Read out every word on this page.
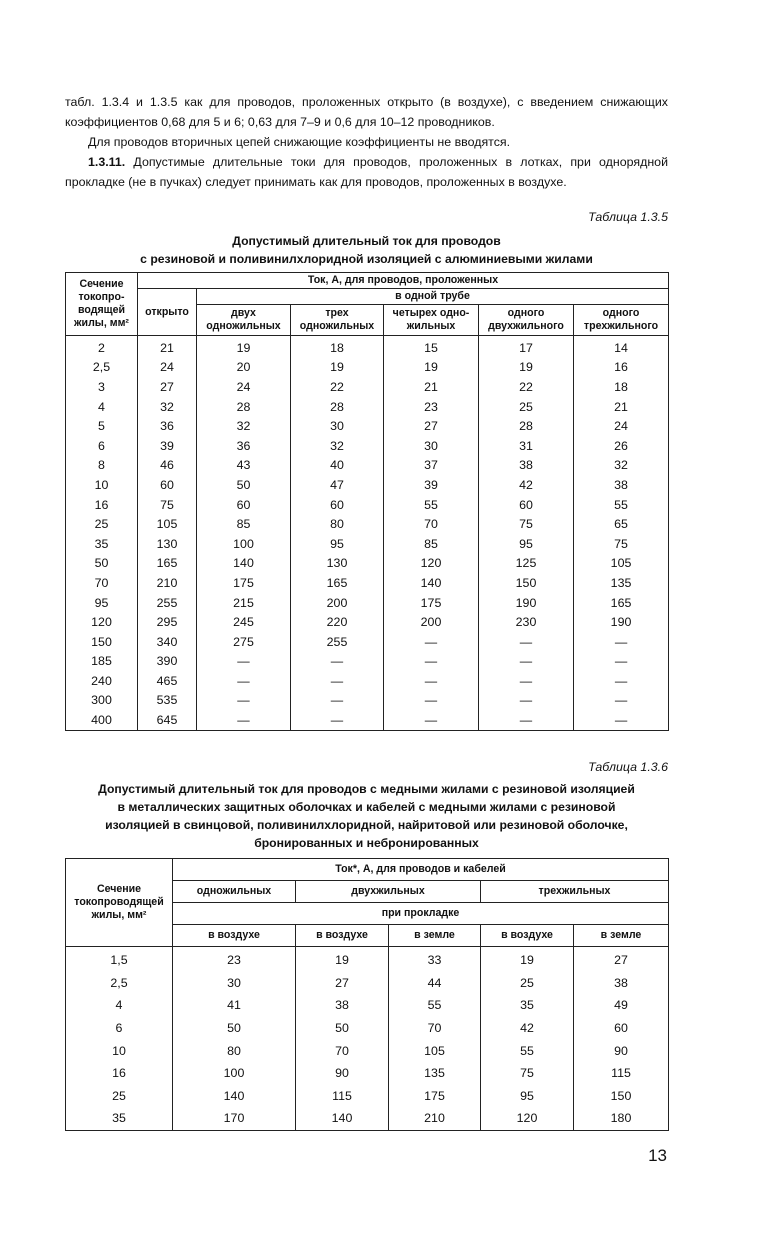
табл. 1.3.4 и 1.3.5 как для проводов, проложенных открыто (в воздухе), с введением снижающих коэффициентов 0,68 для 5 и 6; 0,63 для 7–9 и 0,6 для 10–12 проводников.

Для проводов вторичных цепей снижающие коэффициенты не вводятся.

1.3.11. Допустимые длительные токи для проводов, проложенных в лотках, при однорядной прокладке (не в пучках) следует принимать как для проводов, проложенных в воздухе.

Таблица 1.3.5
Допустимый длительный ток для проводов
с резиновой и поливинилхлоридной изоляцией с алюминиевыми жилами
Сечение токопро-водящей жилы, мм²	Ток, А, для проводов, проложенных					
	открыто	в одной трубе				
		двух одножильных	трех одножильных	четырех одно-жильных	одного двухжильного	одного трехжильного
2	21	19	18	15	17	14
2,5	24	20	19	19	19	16
3	27	24	22	21	22	18
4	32	28	28	23	25	21
5	36	32	30	27	28	24
6	39	36	32	30	31	26
8	46	43	40	37	38	32
10	60	50	47	39	42	38
16	75	60	60	55	60	55
25	105	85	80	70	75	65
35	130	100	95	85	95	75
50	165	140	130	120	125	105
70	210	175	165	140	150	135
95	255	215	200	175	190	165
120	295	245	220	200	230	190
150	340	275	255	—	—	—
185	390	—	—	—	—	—
240	465	—	—	—	—	—
300	535	—	—	—	—	—
400	645	—	—	—	—	—
Таблица 1.3.6
Допустимый длительный ток для проводов с медными жилами с резиновой изоляцией
в металлических защитных оболочках и кабелей с медными жилами с резиновой
изоляцией в свинцовой, поливинилхлоридной, найритовой или резиновой оболочке,
бронированных и небронированных
Сечение токопроводящей жилы, мм²	Ток*, А, для проводов и кабелей				
	одножильных	двухжильных		трехжильных	
	при прокладке				
	в воздухе	в воздухе	в земле	в воздухе	в земле
1,5	23	19	33	19	27
2,5	30	27	44	25	38
4	41	38	55	35	49
6	50	50	70	42	60
10	80	70	105	55	90
16	100	90	135	75	115
25	140	115	175	95	150
35	170	140	210	120	180
13
